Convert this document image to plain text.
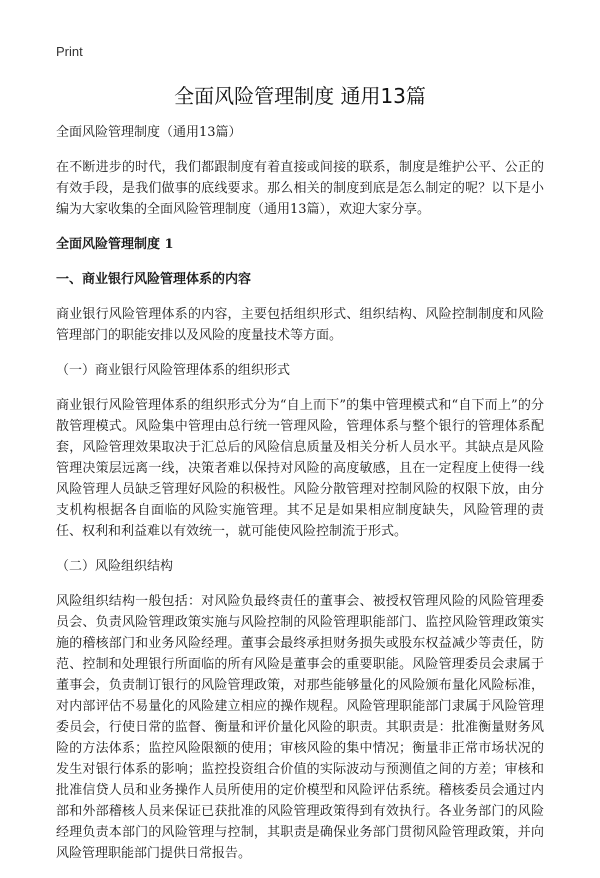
Print
全面风险管理制度 通用13篇

全面风险管理制度（通用13篇）

在不断进步的时代，我们都跟制度有着直接或间接的联系，制度是维护公平、公正的有效手段，是我们做事的底线要求。那么相关的制度到底是怎么制定的呢？以下是小编为大家收集的全面风险管理制度（通用13篇），欢迎大家分享。

全面风险管理制度 1
一、商业银行风险管理体系的内容

商业银行风险管理体系的内容，主要包括组织形式、组织结构、风险控制制度和风险管理部门的职能安排以及风险的度量技术等方面。

（一）商业银行风险管理体系的组织形式

商业银行风险管理体系的组织形式分为“自上而下”的集中管理模式和“自下而上”的分散管理模式。风险集中管理由总行统一管理风险，管理体系与整个银行的管理体系配套，风险管理效果取决于汇总后的风险信息质量及相关分析人员水平。其缺点是风险管理决策层远离一线，决策者难以保持对风险的高度敏感，且在一定程度上使得一线风险管理人员缺乏管理好风险的积极性。风险分散管理对控制风险的权限下放，由分支机构根据各自面临的风险实施管理。其不足是如果相应制度缺失，风险管理的责任、权利和利益难以有效统一，就可能使风险控制流于形式。

（二）风险组织结构

风险组织结构一般包括：对风险负最终责任的董事会、被授权管理风险的风险管理委员会、负责风险管理政策实施与风险控制的风险管理职能部门、监控风险管理政策实施的稽核部门和业务风险经理。董事会最终承担财务损失或股东权益减少等责任，防范、控制和处理银行所面临的所有风险是董事会的重要职能。风险管理委员会隶属于董事会，负责制订银行的风险管理政策，对那些能够量化的风险颁布量化风险标准，对内部评估不易量化的风险建立相应的操作规程。风险管理职能部门隶属于风险管理委员会，行使日常的监督、衡量和评价量化风险的职责。其职责是：批准衡量财务风险的方法体系；监控风险限额的使用；审核风险的集中情况；衡量非正常市场状况的发生对银行体系的影响；监控投资组合价值的实际波动与预测值之间的方差；审核和批准信贷人员和业务操作人员所使用的定价模型和风险评估系统。稽核委员会通过内部和外部稽核人员来保证已获批准的风险管理政策得到有效执行。各业务部门的风险经理负责本部门的风险管理与控制，其职责是确保业务部门贯彻风险管理政策，并向风险管理职能部门提供日常报告。
